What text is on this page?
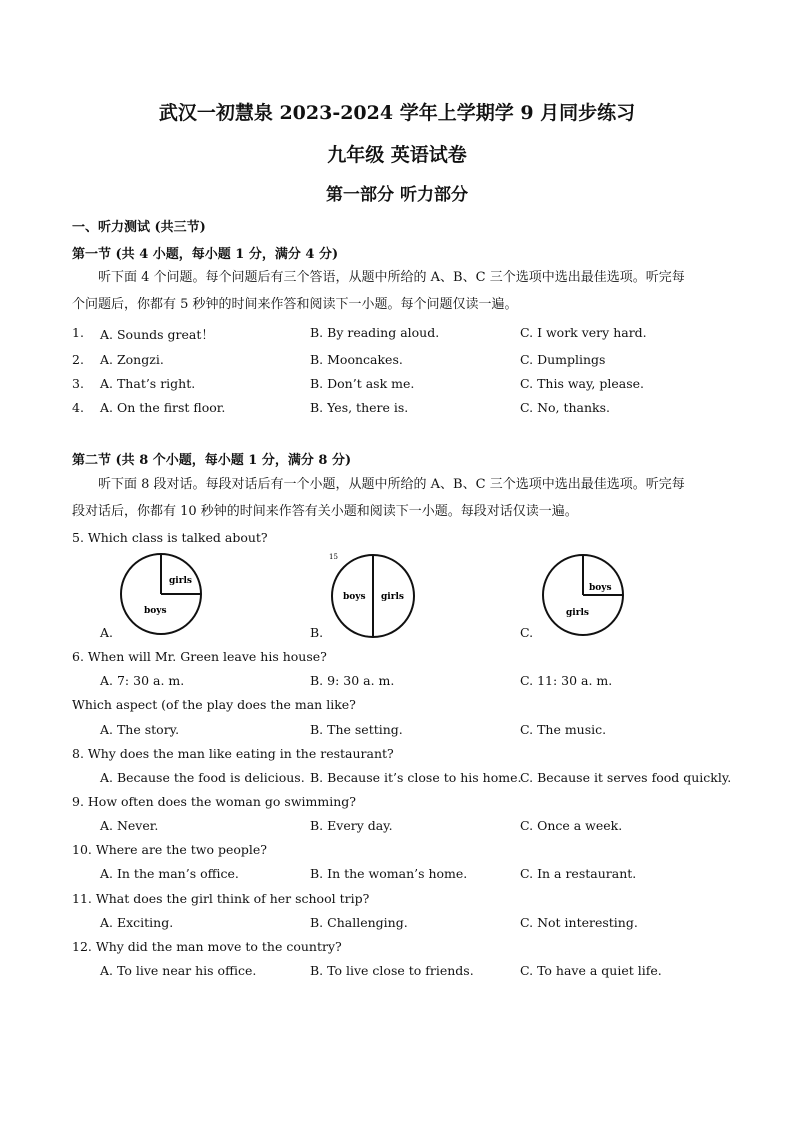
武汉一初慧泉 2023-2024 学年上学期学 9 月同步练习
九年级 英语试卷
第一部分 听力部分
一、听力测试 (共三节)
第一节 (共 4 小题，每小题 1 分，满分 4 分)
听下面 4 个问题。每个问题后有三个答语，从题中所给的 A、B、C 三个选项中选出最佳选项。听完每
个问题后，你都有 5 秒钟的时间来作答和阅读下一小题。每个问题仅读一遍。
1. A. Sounds great！	B. By reading aloud.	C. I work very hard.
2. A. Zongzi.	B. Mooncakes.	C. Dumplings
3. A. That’s right.	B. Don’t ask me.	C. This way, please.
4. A. On the first floor.	B. Yes, there is.	C. No, thanks.
第二节 (共 8 个小题，每小题 1 分，满分 8 分)
听下面 8 段对话。每段对话后有一个小题，从题中所给的 A、B、C 三个选项中选出最佳选项。听完每
段对话后，你都有 10 秒钟的时间来作答有关小题和阅读下一小题。每段对话仅读一遍。
5. Which class is talked about?
A.
girls
boys
B.
15
boys girls
C.
boys
girls
6. When will Mr. Green leave his house?
A. 7: 30 a. m.	B. 9: 30 a. m.	C. 11: 30 a. m.
Which aspect (of the play does the man like?
A. The story.	B. The setting.	C. The music.
8. Why does the man like eating in the restaurant?
A. Because the food is delicious. B. Because it’s close to his home.
C. Because it serves food quickly.
9. How often does the woman go swimming?
A. Never.	B. Every day.	C. Once a week.
10. Where are the two people?
A. In the man’s office.	B. In the woman’s home.	C. In a restaurant.
11. What does the girl think of her school trip?
A. Exciting.	B. Challenging.	C. Not interesting.
12. Why did the man move to the country?
A. To live near his office.	B. To live close to friends.	C. To have a quiet life.
